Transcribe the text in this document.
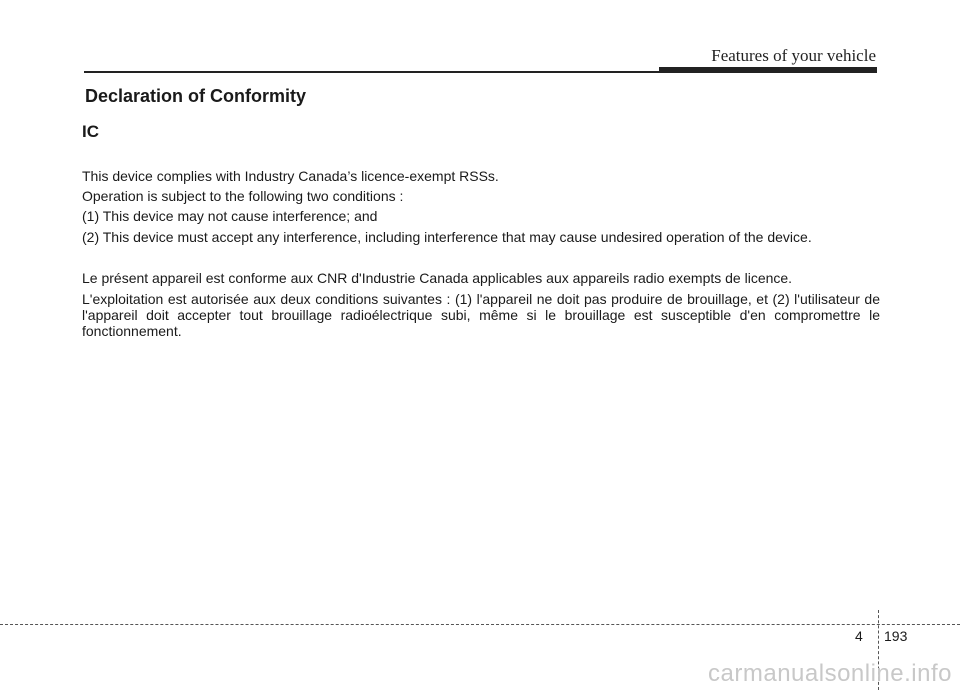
Features of your vehicle
Declaration of Conformity
IC

This device complies with Industry Canada’s licence-exempt RSSs.

Operation is subject to the following two conditions :

(1) This device may not cause interference; and

(2) This device must accept any interference, including interference that may cause undesired operation of the device.

Le présent appareil est conforme aux CNR d'Industrie Canada applicables aux appareils radio exempts de licence.

L'exploitation est autorisée aux deux conditions suivantes : (1) l'appareil ne doit pas produire de brouillage, et (2) l'utilisateur de l'appareil doit accepter tout brouillage radioélectrique subi, même si le brouillage est susceptible d'en compromettre le fonctionnement.

4 193
carmanualsonline.info
